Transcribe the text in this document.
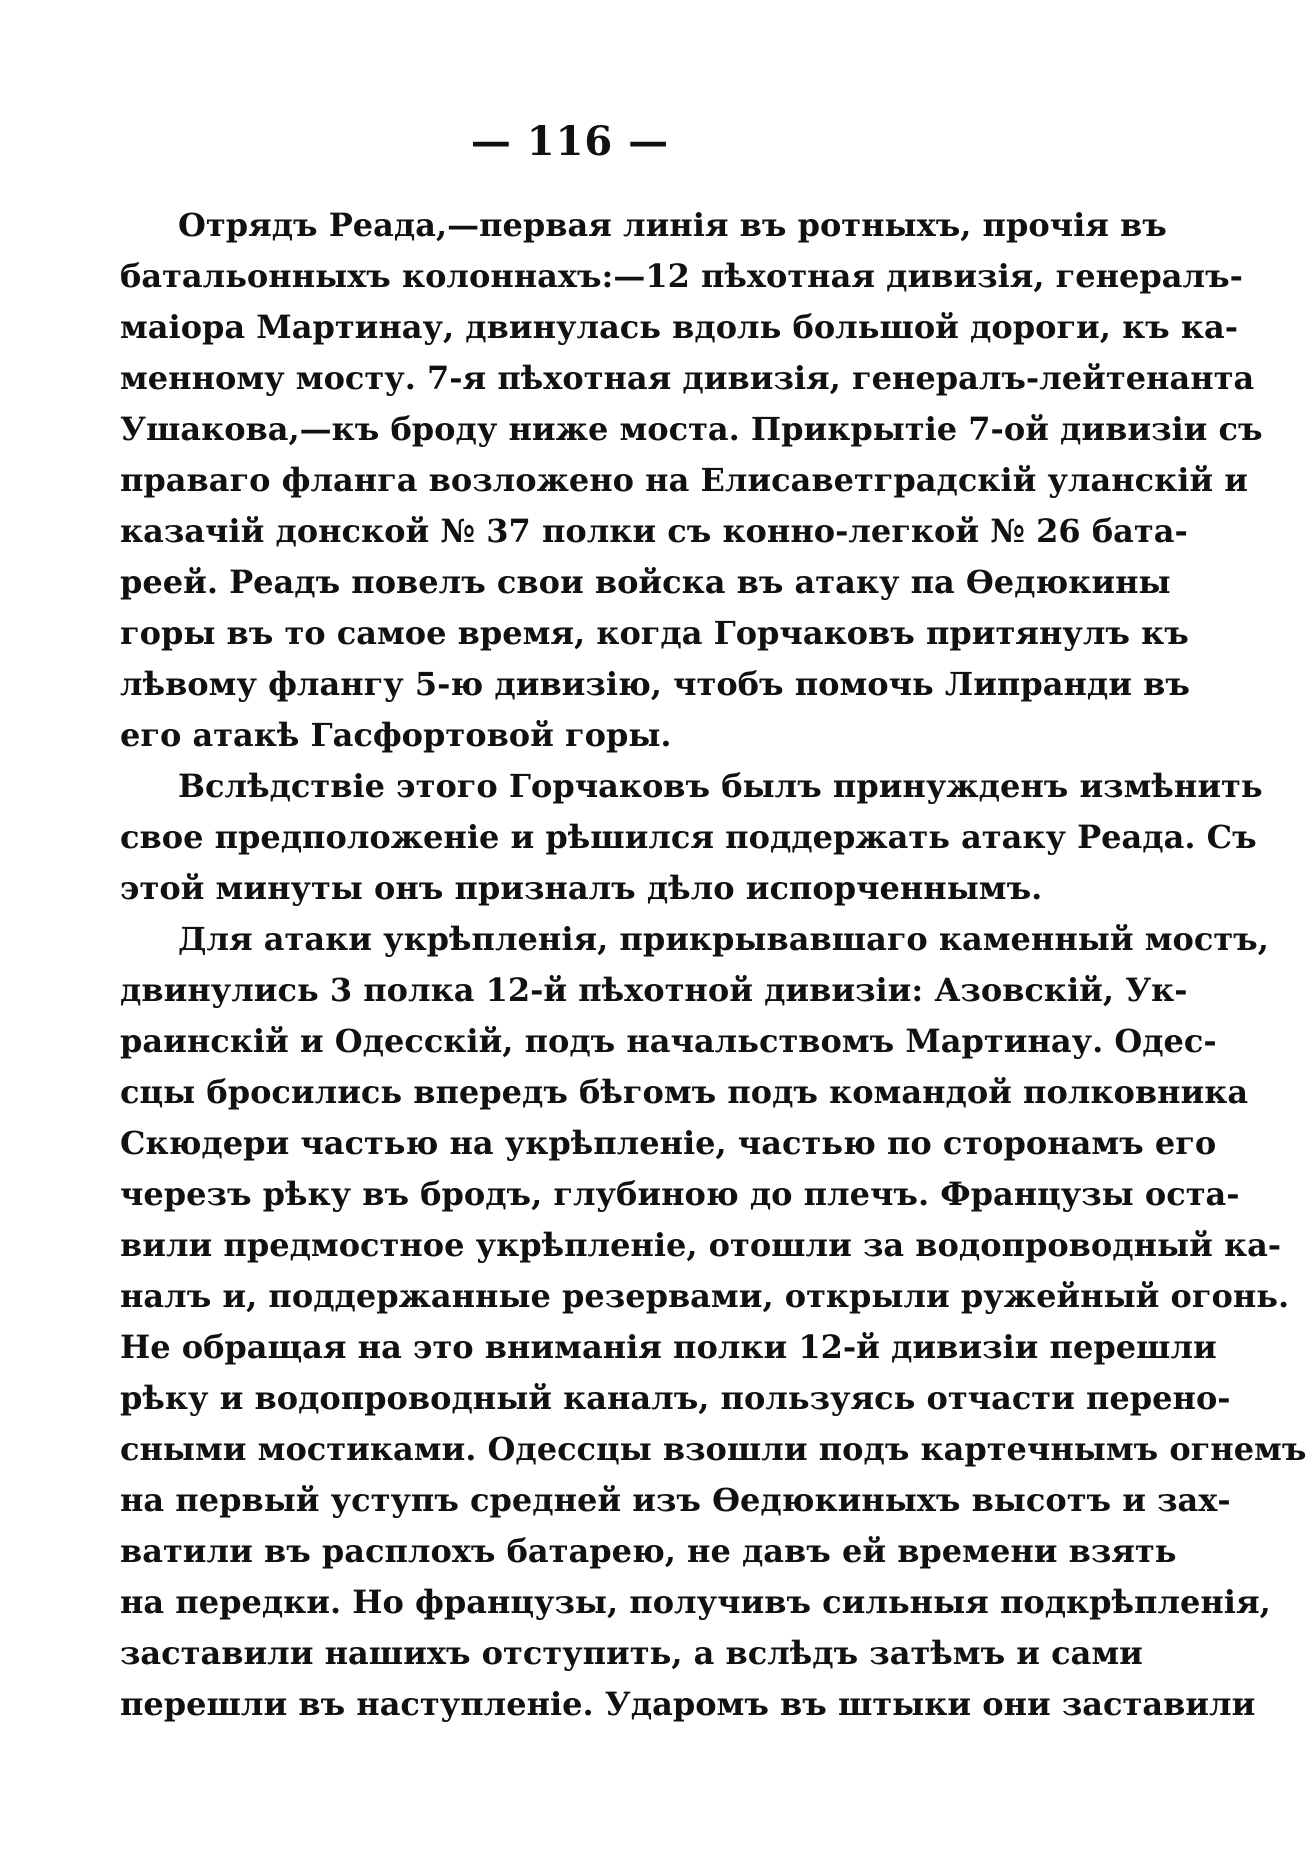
— 116 —
Отрядъ Реада,—первая линія въ ротныхъ, прочія въ
батальонныхъ колоннахъ:—12 пѣхотная дивизія, генералъ-
маіора Мартинау, двинулась вдоль большой дороги, къ ка-
менному мосту. 7-я пѣхотная дивизія, генералъ-лейтенанта
Ушакова,—къ броду ниже моста. Прикрытіе 7-ой дивизіи съ
праваго фланга возложено на Елисаветградскій уланскій и
казачій донской № 37 полки съ конно-легкой № 26 бата-
реей. Реадъ повелъ свои войска въ атаку па Ѳедюкины
горы въ то самое время, когда Горчаковъ притянулъ къ
лѣвому флангу 5-ю дивизію, чтобъ помочь Липранди въ
его атакѣ Гасфортовой горы.
Вслѣдствіе этого Горчаковъ былъ принужденъ измѣнить
свое предположеніе и рѣшился поддержать атаку Реада. Съ
этой минуты онъ призналъ дѣло испорченнымъ.
Для атаки укрѣпленія, прикрывавшаго каменный мостъ,
двинулись 3 полка 12-й пѣхотной дивизіи: Азовскій, Ук-
раинскій и Одесскій, подъ начальствомъ Мартинау. Одес-
сцы бросились впередъ бѣгомъ подъ командой полковника
Скюдери частью на укрѣпленіе, частью по сторонамъ его
черезъ рѣку въ бродъ, глубиною до плечъ. Французы оста-
вили предмостное укрѣпленіе, отошли за водопроводный ка-
налъ и, поддержанные резервами, открыли ружейный огонь.
Не обращая на это вниманія полки 12-й дивизіи перешли
рѣку и водопроводный каналъ, пользуясь отчасти перено-
сными мостиками. Одессцы взошли подъ картечнымъ огнемъ
на первый уступъ средней изъ Ѳедюкиныхъ высотъ и зах-
ватили въ расплохъ батарею, не давъ ей времени взять
на передки. Но французы, получивъ сильныя подкрѣпленія,
заставили нашихъ отступить, а вслѣдъ затѣмъ и сами
перешли въ наступленіе. Ударомъ въ штыки они заставили
